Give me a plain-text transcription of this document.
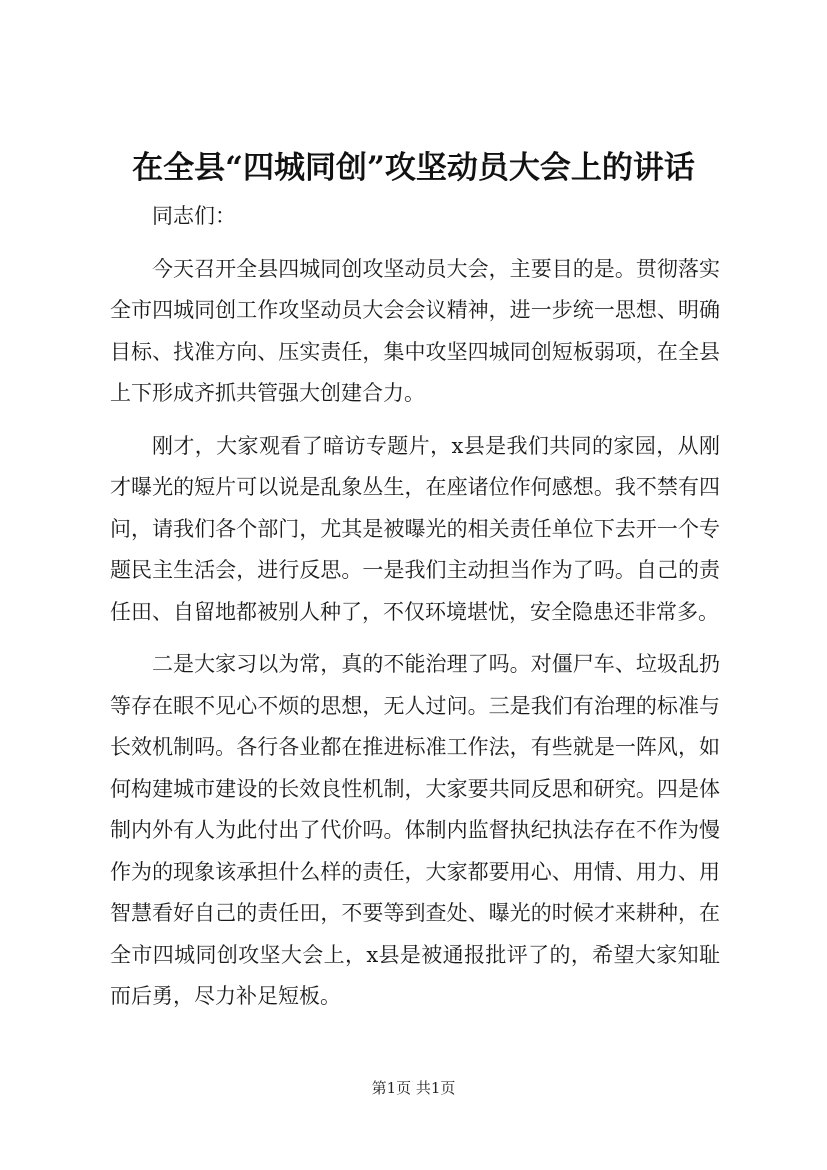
在全县“四城同创”攻坚动员大会上的讲话

同志们：

今天召开全县四城同创攻坚动员大会，主要目的是。贯彻落实全市四城同创工作攻坚动员大会会议精神，进一步统一思想、明确目标、找准方向、压实责任，集中攻坚四城同创短板弱项，在全县上下形成齐抓共管强大创建合力。

刚才，大家观看了暗访专题片，x县是我们共同的家园，从刚才曝光的短片可以说是乱象丛生，在座诸位作何感想。我不禁有四问，请我们各个部门，尤其是被曝光的相关责任单位下去开一个专题民主生活会，进行反思。一是我们主动担当作为了吗。自己的责任田、自留地都被别人种了，不仅环境堪忧，安全隐患还非常多。

二是大家习以为常，真的不能治理了吗。对僵尸车、垃圾乱扔等存在眼不见心不烦的思想，无人过问。三是我们有治理的标准与长效机制吗。各行各业都在推进标准工作法，有些就是一阵风，如何构建城市建设的长效良性机制，大家要共同反思和研究。四是体制内外有人为此付出了代价吗。体制内监督执纪执法存在不作为慢作为的现象该承担什么样的责任，大家都要用心、用情、用力、用智慧看好自己的责任田，不要等到查处、曝光的时候才来耕种，在全市四城同创攻坚大会上，x县是被通报批评了的，希望大家知耻而后勇，尽力补足短板。

第1页 共1页
